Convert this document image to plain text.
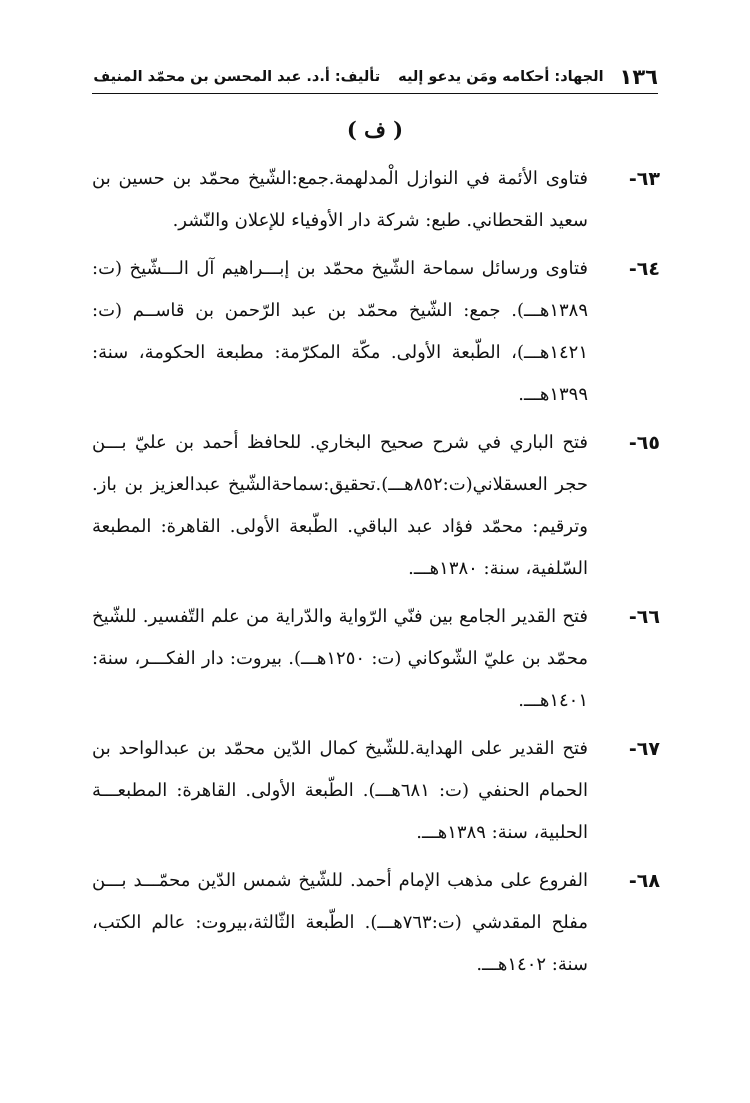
١٣٦
الجهاد: أحكامه ومَن يدعو إليه
تأليف:
أ.د. عبد المحسن بن محمّد المنيف
( ف )
٦٣-

فتاوى الأئمة في النوازل الْمدلهمة.جمع:الشّيخ محمّد بن حسين بن سعيد القحطاني. طبع: شركة دار الأوفياء للإعلان والنّشر.

٦٤-

فتاوى ورسائل سماحة الشّيخ محمّد بن إبـــراهيم آل الـــشّيخ (ت: ١٣٨٩هـــ). جمع: الشّيخ محمّد بن عبد الرّحمن بن قاســم (ت: ١٤٢١هـــ)، الطّبعة الأولى. مكّة المكرّمة: مطبعة الحكومة، سنة: ١٣٩٩هـــ.

٦٥-

فتح الباري في شرح صحيح البخاري. للحافظ أحمد بن عليّ بـــن حجر العسقلاني(ت:٨٥٢هـــ).تحقيق:سماحةالشّيخ عبدالعزيز بن باز. وترقيم: محمّد فؤاد عبد الباقي. الطّبعة الأولى. القاهرة: المطبعة السّلفية، سنة: ١٣٨٠هـــ.

٦٦-

فتح القدير الجامع بين فنّي الرّواية والدّراية من علم التّفسير. للشّيخ محمّد بن عليّ الشّوكاني (ت: ١٢٥٠هـــ). بيروت: دار الفكـــر، سنة: ١٤٠١هـــ.

٦٧-

فتح القدير على الهداية.للشّيخ كمال الدّين محمّد بن عبدالواحد بن الحمام الحنفي (ت: ٦٨١هـــ). الطّبعة الأولى. القاهرة: المطبعـــة الحلبية، سنة: ١٣٨٩هـــ.

٦٨-

الفروع على مذهب الإمام أحمد. للشّيخ شمس الدّين محمّـــد بـــن مفلح المقدشي (ت:٧٦٣هـــ). الطّبعة الثّالثة،بيروت: عالم الكتب، سنة: ١٤٠٢هـــ.
